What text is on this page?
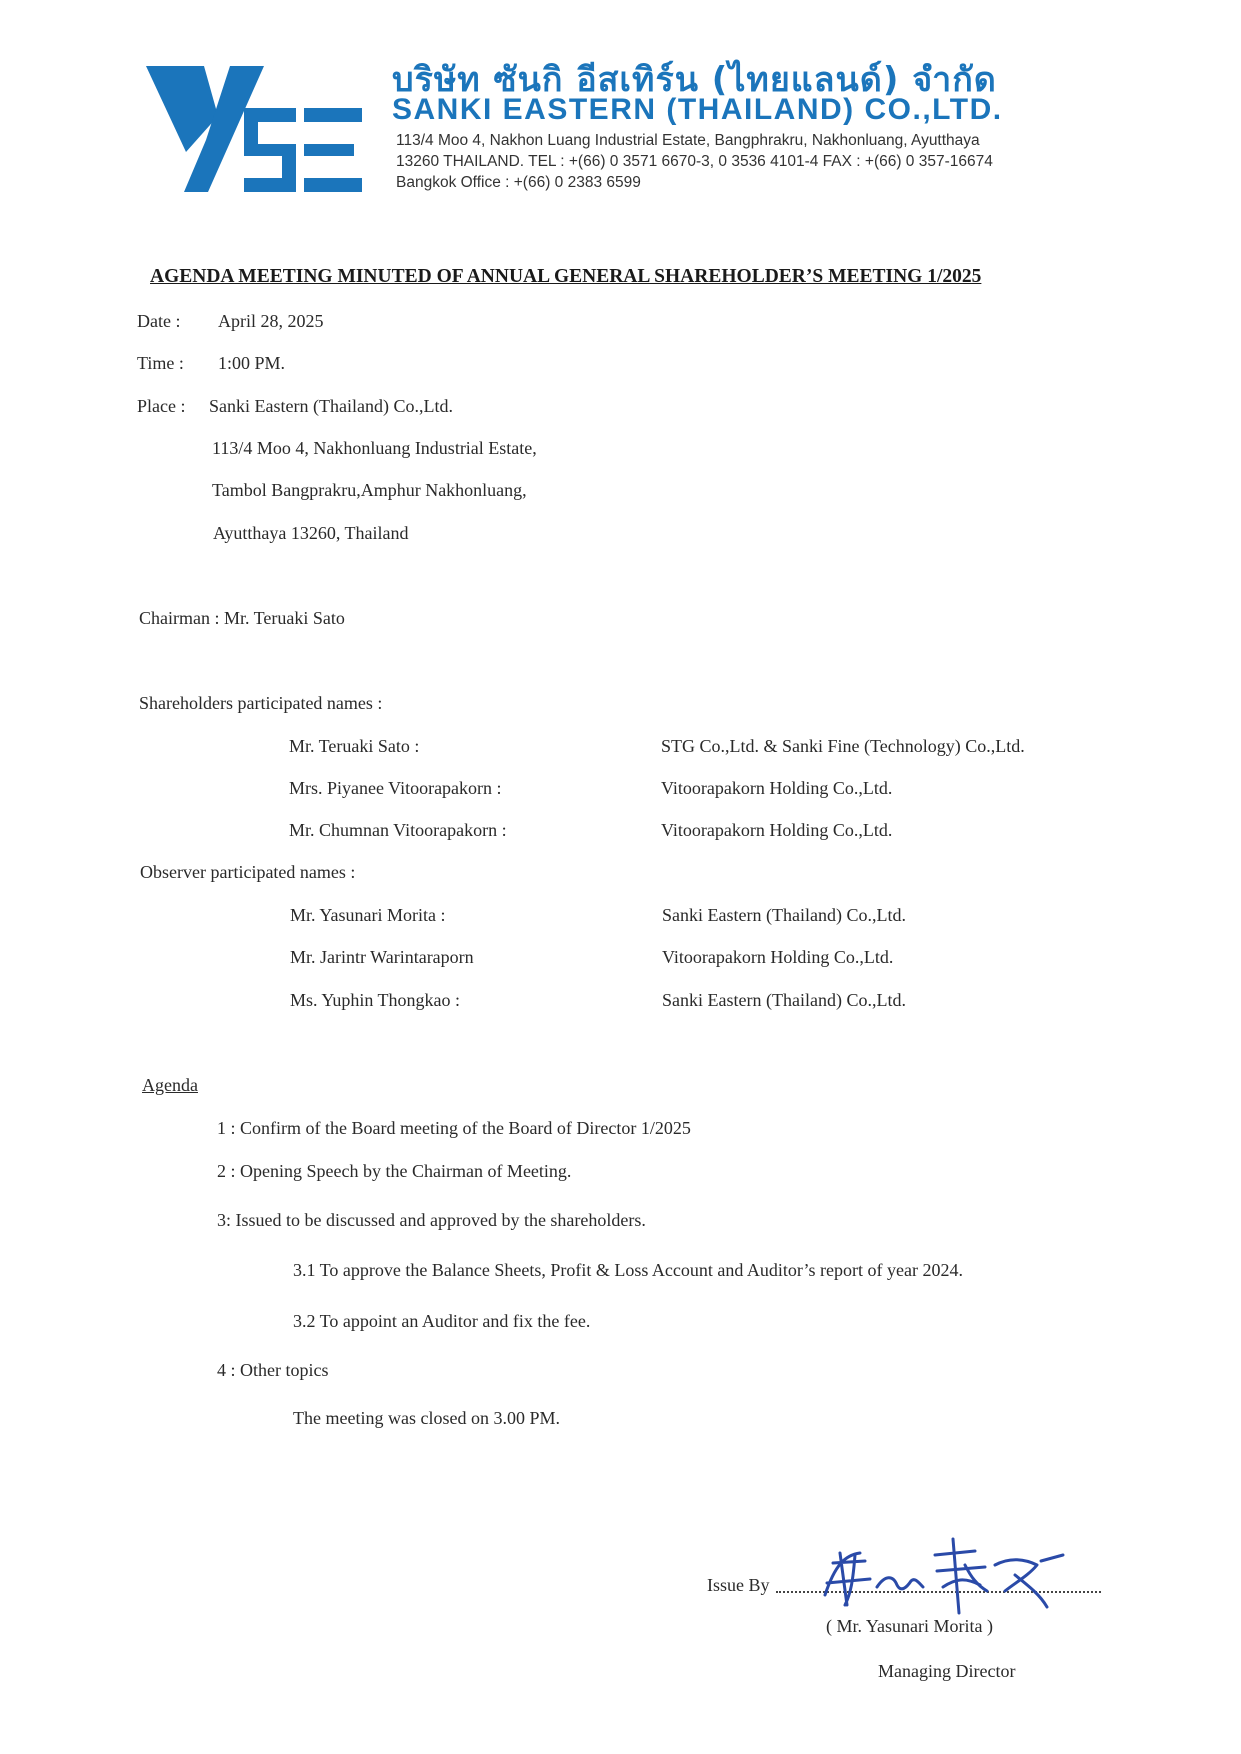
บริษัท ซันกิ อีสเทิร์น (ไทยแลนด์) จำกัด
SANKI EASTERN (THAILAND) CO.,LTD.
113/4 Moo 4, Nakhon Luang Industrial Estate, Bangphrakru, Nakhonluang, Ayutthaya
13260 THAILAND. TEL : +(66) 0 3571 6670-3, 0 3536 4101-4 FAX : +(66) 0 357-16674
Bangkok Office : +(66) 0 2383 6599
AGENDA MEETING MINUTED OF ANNUAL GENERAL SHAREHOLDER’S MEETING 1/2025
Date : April 28, 2025
Time : 1:00 PM.
Place : Sanki Eastern (Thailand) Co.,Ltd.
113/4 Moo 4, Nakhonluang Industrial Estate,
Tambol Bangprakru,Amphur Nakhonluang,
Ayutthaya 13260, Thailand
Chairman : Mr. Teruaki Sato
Shareholders participated names :
Mr. Teruaki Sato :	STG Co.,Ltd. & Sanki Fine (Technology) Co.,Ltd.
Mrs. Piyanee Vitoorapakorn :	Vitoorapakorn Holding Co.,Ltd.
Mr. Chumnan Vitoorapakorn :	Vitoorapakorn Holding Co.,Ltd.
Observer participated names :
Mr. Yasunari Morita :	Sanki Eastern (Thailand) Co.,Ltd.
Mr. Jarintr Warintaraporn	Vitoorapakorn Holding Co.,Ltd.
Ms. Yuphin Thongkao :	Sanki Eastern (Thailand) Co.,Ltd.
Agenda
1 : Confirm of the Board meeting of the Board of Director 1/2025
2 : Opening Speech by the Chairman of Meeting.
3: Issued to be discussed and approved by the shareholders.
3.1 To approve the Balance Sheets, Profit & Loss Account and Auditor’s report of year 2024.
3.2 To appoint an Auditor and fix the fee.
4 : Other topics
The meeting was closed on 3.00 PM.
Issue By
( Mr. Yasunari Morita )
Managing Director
